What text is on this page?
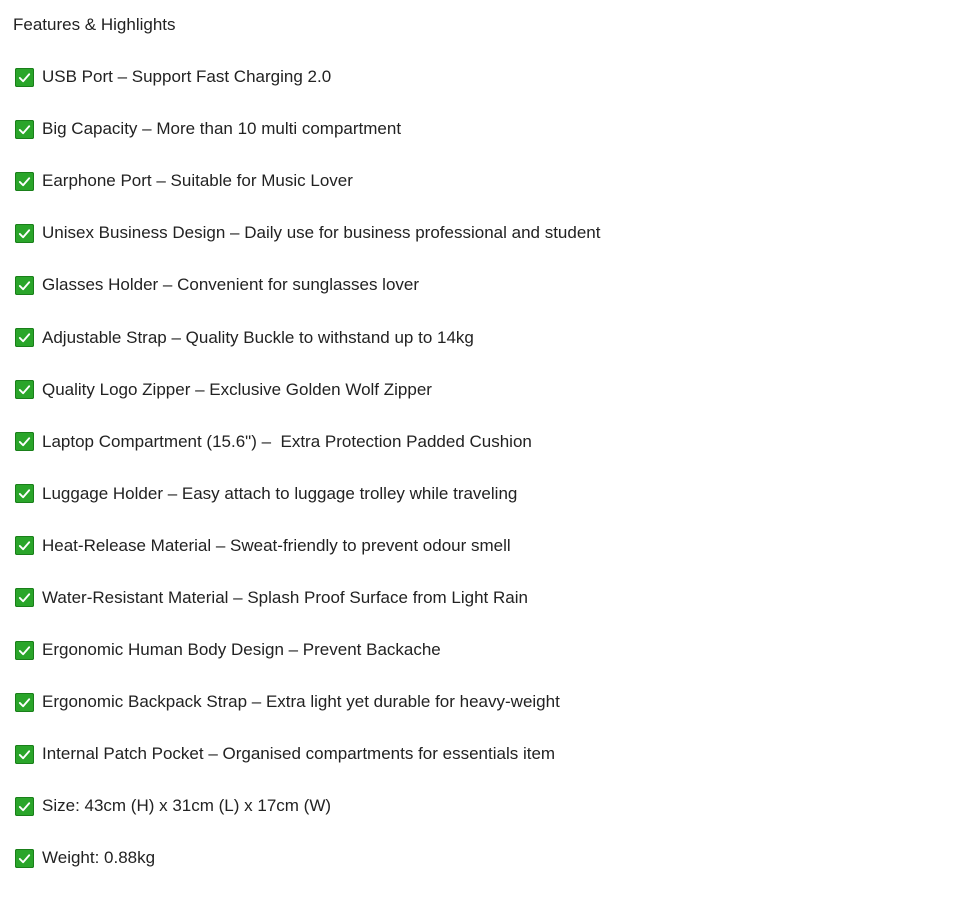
Features & Highlights
USB Port – Support Fast Charging 2.0
Big Capacity – More than 10 multi compartment
Earphone Port – Suitable for Music Lover
Unisex Business Design – Daily use for business professional and student
Glasses Holder – Convenient for sunglasses lover
Adjustable Strap – Quality Buckle to withstand up to 14kg
Quality Logo Zipper – Exclusive Golden Wolf Zipper
Laptop Compartment (15.6") –  Extra Protection Padded Cushion
Luggage Holder – Easy attach to luggage trolley while traveling
Heat-Release Material – Sweat-friendly to prevent odour smell
Water-Resistant Material – Splash Proof Surface from Light Rain
Ergonomic Human Body Design – Prevent Backache
Ergonomic Backpack Strap – Extra light yet durable for heavy-weight
Internal Patch Pocket – Organised compartments for essentials item
Size: 43cm (H) x 31cm (L) x 17cm (W)
Weight: 0.88kg
